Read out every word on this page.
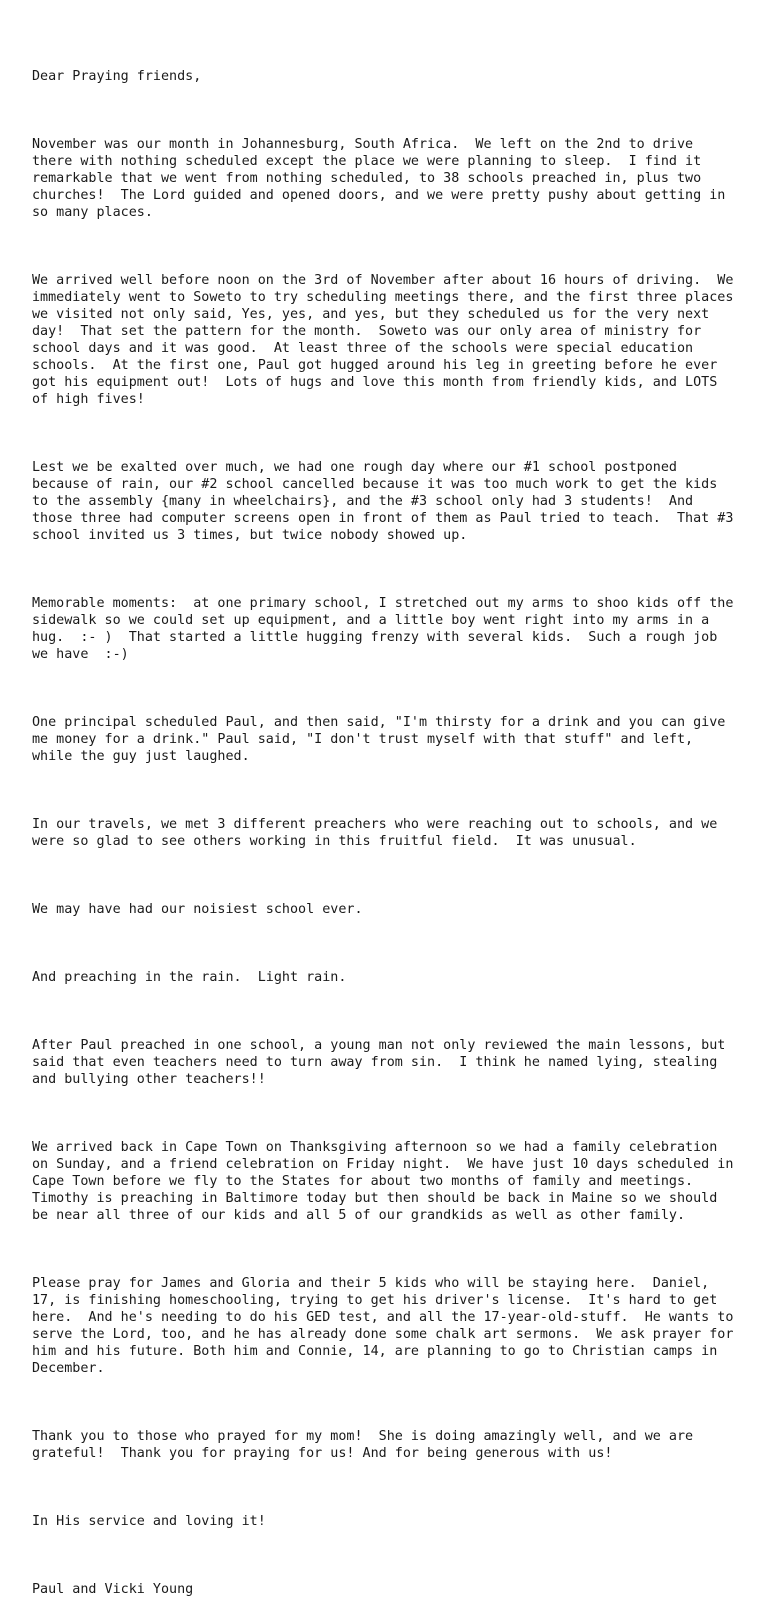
Dear Praying friends,

November was our month in Johannesburg, South Africa.  We left on the 2nd to drive
there with nothing scheduled except the place we were planning to sleep.  I find it
remarkable that we went from nothing scheduled, to 38 schools preached in, plus two
churches!  The Lord guided and opened doors, and we were pretty pushy about getting in
so many places.

We arrived well before noon on the 3rd of November after about 16 hours of driving.  We
immediately went to Soweto to try scheduling meetings there, and the first three places
we visited not only said, Yes, yes, and yes, but they scheduled us for the very next
day!  That set the pattern for the month.  Soweto was our only area of ministry for
school days and it was good.  At least three of the schools were special education
schools.  At the first one, Paul got hugged around his leg in greeting before he ever
got his equipment out!  Lots of hugs and love this month from friendly kids, and LOTS
of high fives!

Lest we be exalted over much, we had one rough day where our #1 school postponed
because of rain, our #2 school cancelled because it was too much work to get the kids
to the assembly {many in wheelchairs}, and the #3 school only had 3 students!  And
those three had computer screens open in front of them as Paul tried to teach.  That #3
school invited us 3 times, but twice nobody showed up.

Memorable moments:  at one primary school, I stretched out my arms to shoo kids off the
sidewalk so we could set up equipment, and a little boy went right into my arms in a
hug.  :- )  That started a little hugging frenzy with several kids.  Such a rough job
we have  :-)

One principal scheduled Paul, and then said, "I'm thirsty for a drink and you can give
me money for a drink." Paul said, "I don't trust myself with that stuff" and left,
while the guy just laughed.

In our travels, we met 3 different preachers who were reaching out to schools, and we
were so glad to see others working in this fruitful field.  It was unusual.

We may have had our noisiest school ever.

And preaching in the rain.  Light rain.

After Paul preached in one school, a young man not only reviewed the main lessons, but
said that even teachers need to turn away from sin.  I think he named lying, stealing
and bullying other teachers!!

We arrived back in Cape Town on Thanksgiving afternoon so we had a family celebration
on Sunday, and a friend celebration on Friday night.  We have just 10 days scheduled in
Cape Town before we fly to the States for about two months of family and meetings.
Timothy is preaching in Baltimore today but then should be back in Maine so we should
be near all three of our kids and all 5 of our grandkids as well as other family.

Please pray for James and Gloria and their 5 kids who will be staying here.  Daniel,
17, is finishing homeschooling, trying to get his driver's license.  It's hard to get
here.  And he's needing to do his GED test, and all the 17-year-old-stuff.  He wants to
serve the Lord, too, and he has already done some chalk art sermons.  We ask prayer for
him and his future. Both him and Connie, 14, are planning to go to Christian camps in
December.

Thank you to those who prayed for my mom!  She is doing amazingly well, and we are
grateful!  Thank you for praying for us! And for being generous with us!

In His service and loving it!

Paul and Vicki Young
